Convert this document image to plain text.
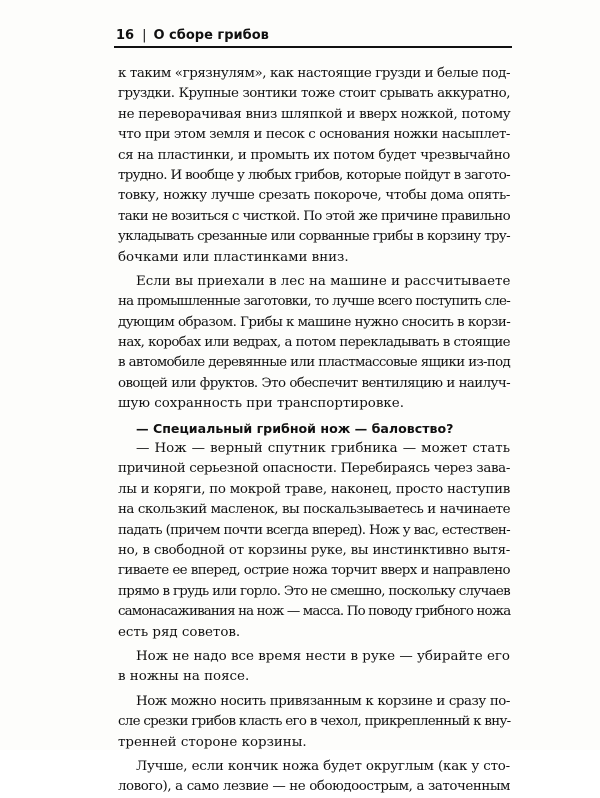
16 | О сборе грибов
к таким «грязнулям», как настоящие грузди и белые под-
груздки. Крупные зонтики тоже стоит срывать аккуратно,
не переворачивая вниз шляпкой и вверх ножкой, потому
что при этом земля и песок с основания ножки насыплет-
ся на пластинки, и промыть их потом будет чрезвычайно
трудно. И вообще у любых грибов, которые пойдут в загото-
товку, ножку лучше срезать покороче, чтобы дома опять-
таки не возиться с чисткой. По этой же причине правильно
укладывать срезанные или сорванные грибы в корзину тру-
бочками или пластинками вниз.
Если вы приехали в лес на машине и рассчитываете
на промышленные заготовки, то лучше всего поступить сле-
дующим образом. Грибы к машине нужно сносить в корзи-
нах, коробах или ведрах, а потом перекладывать в стоящие
в автомобиле деревянные или пластмассовые ящики из-под
овощей или фруктов. Это обеспечит вентиляцию и наилуч-
шую сохранность при транспортировке.
— Специальный грибной нож — баловство?
— Нож — верный спутник грибника — может стать
причиной серьезной опасности. Перебираясь через зава-
лы и коряги, по мокрой траве, наконец, просто наступив
на скользкий масленок, вы поскальзываетесь и начинаете
падать (причем почти всегда вперед). Нож у вас, естествен-
но, в свободной от корзины руке, вы инстинктивно вытя-
гиваете ее вперед, острие ножа торчит вверх и направлено
прямо в грудь или горло. Это не смешно, поскольку случаев
самонасаживания на нож — масса. По поводу грибного ножа
есть ряд советов.
Нож не надо все время нести в руке — убирайте его
в ножны на поясе.
Нож можно носить привязанным к корзине и сразу по-
сле срезки грибов класть его в чехол, прикрепленный к вну-
тренней стороне корзины.
Лучше, если кончик ножа будет округлым (как у сто-
лового), а само лезвие — не обоюдоострым, а заточенным
